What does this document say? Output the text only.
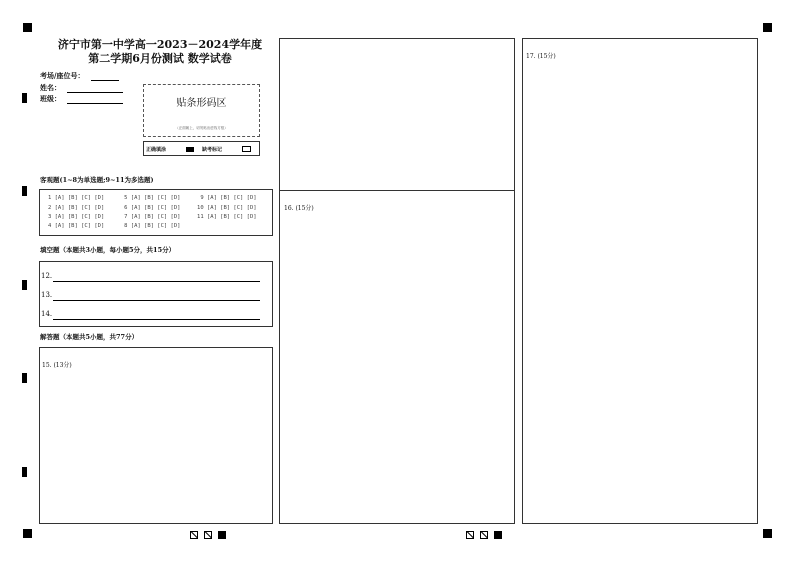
济宁市第一中学高一2023－2024学年度
第二学期6月份测试 数学试卷
考场/座位号：
姓名：
班级：	贴条形码区
（正面朝上，切勿贴出虚线方框）
正确填涂	缺考标记
客观题(1~8为单选题;9~11为多选题)
1 [A] [B] [C] [D]      5 [A] [B] [C] [D]      9 [A] [B] [C] [D]
2 [A] [B] [C] [D]      6 [A] [B] [C] [D]     10 [A] [B] [C] [D]
3 [A] [B] [C] [D]      7 [A] [B] [C] [D]     11 [A] [B] [C] [D]
4 [A] [B] [C] [D]      8 [A] [B] [C] [D]
填空题（本题共3小题，每小题5分，共15分）
12.
13.
14.
解答题（本题共5小题，共77分）
15. (13分)
16. (15分)
17. (15分)
